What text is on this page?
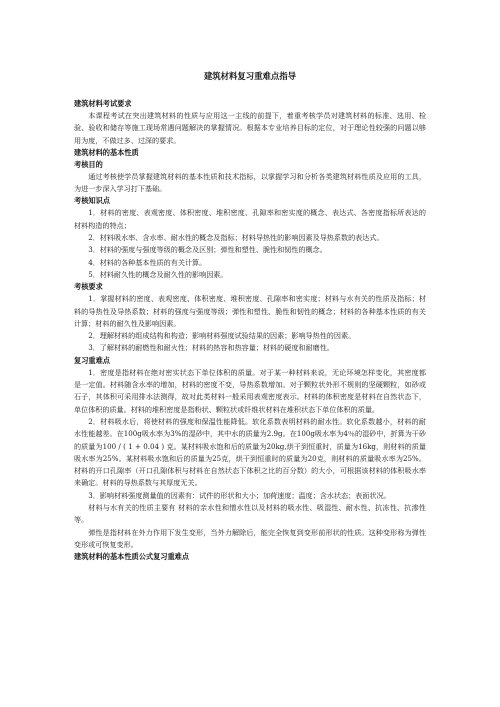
建筑材料复习重难点指导
建筑材料考试要求

本课程考试在突出建筑材料的性质与应用这一主线的前提下，着重考核学员对建筑材料的标准、选用、检验、验收和储存等施工现场常遇问题解决的掌握情况。根据本专业培养目标的定位，对于理论性较强的问题以够用为度，不做过多、过深的要求。

建筑材料的基本性质
考核目的

通过考核使学员掌握建筑材料的基本性质和技术指标，以掌握学习和分析各类建筑材料性质及应用的工具，为进一步深入学习打下基础。

考核知识点

1．材料的密度、表观密度、体积密度、堆积密度、孔隙率和密实度的概念、表达式、各密度指标所表达的材料构造的特点；

2．材料吸水率、含水率、耐水性的概念及指标；材料导热性的影响因素及导热系数的表达式。

3．材料的强度与强度等级的概念及区别；弹性和塑性、脆性和韧性的概念。

4．材料的各种基本性质的有关计算。

5．材料耐久性的概念及耐久性的影响因素。

考核要求

1．掌握材料的密度、表观密度、体积密度、堆积密度、孔隙率和密实度；材料与水有关的性质及指标；材料的导热性及导热系数；材料的强度与强度等级；弹性和塑性、脆性和韧性的概念；材料的各种基本性质的有关计算；材料的耐久性及影响因素。

2．理解材料的组成结构和构造；影响材料强度试验结果的因素；影响导热性的因素。

3．了解材料的耐燃性和耐火性；材料的热容和热容量；材料的硬度和耐磨性。

复习重难点

1．密度是指材料在绝对密实状态下单位体积的质量。对于某一种材料来说，无论环境怎样变化，其密度都是一定值。材料随含水率的增加，材料的密度不变，导热系数增加。对于颗粒状外形不规则的坚硬颗粒，如砂或石子，其体积可采用排水法测得，故对此类材料一般采用表观密度表示。材料的体积密度是材料在自然状态下，单位体积的质量。材料的堆积密度是指粉状、颗粒状或纤维状材料在堆积状态下单位体积的质量。

2．材料吸水后，将使材料的强度和保温性能降低。软化系数表明材料的耐水性。软化系数越小，材料的耐水性能越差。在100g吸水率为3%的湿砂中，其中水的质量为2.9g。在100g吸水率为4％的湿砂中，折算为干砂的质量为100 / ( 1 + 0.04 ) 克。某材料吸水饱和后的质量为20kg,烘干到恒重时，质量为16kg，则材料的质量吸水率为25%。某材料吸水饱和后的质量为25克，烘干到恒重时的质量为20克，则材料的质量吸水率为25%。材料的开口孔隙率（开口孔隙体积与材料在自然状态下体积之比的百分数）的大小，可根据该材料的体积吸水率来确定。材料的导热系数与其厚度无关。

3．影响材料强度测量值的因素有：试件的形状和大小；加荷速度；温度；含水状态；表面状况。

材料与水有关的性质主要有 材料的亲水性和憎水性以及材料的吸水性、吸湿性、耐水性、抗冻性、抗渗性等。

弹性是指材料在外力作用下发生变形，当外力解除后，能完全恢复到变形前形状的性质。这种变形称为弹性变形或可恢复变形。

建筑材料的基本性质公式复习重难点
